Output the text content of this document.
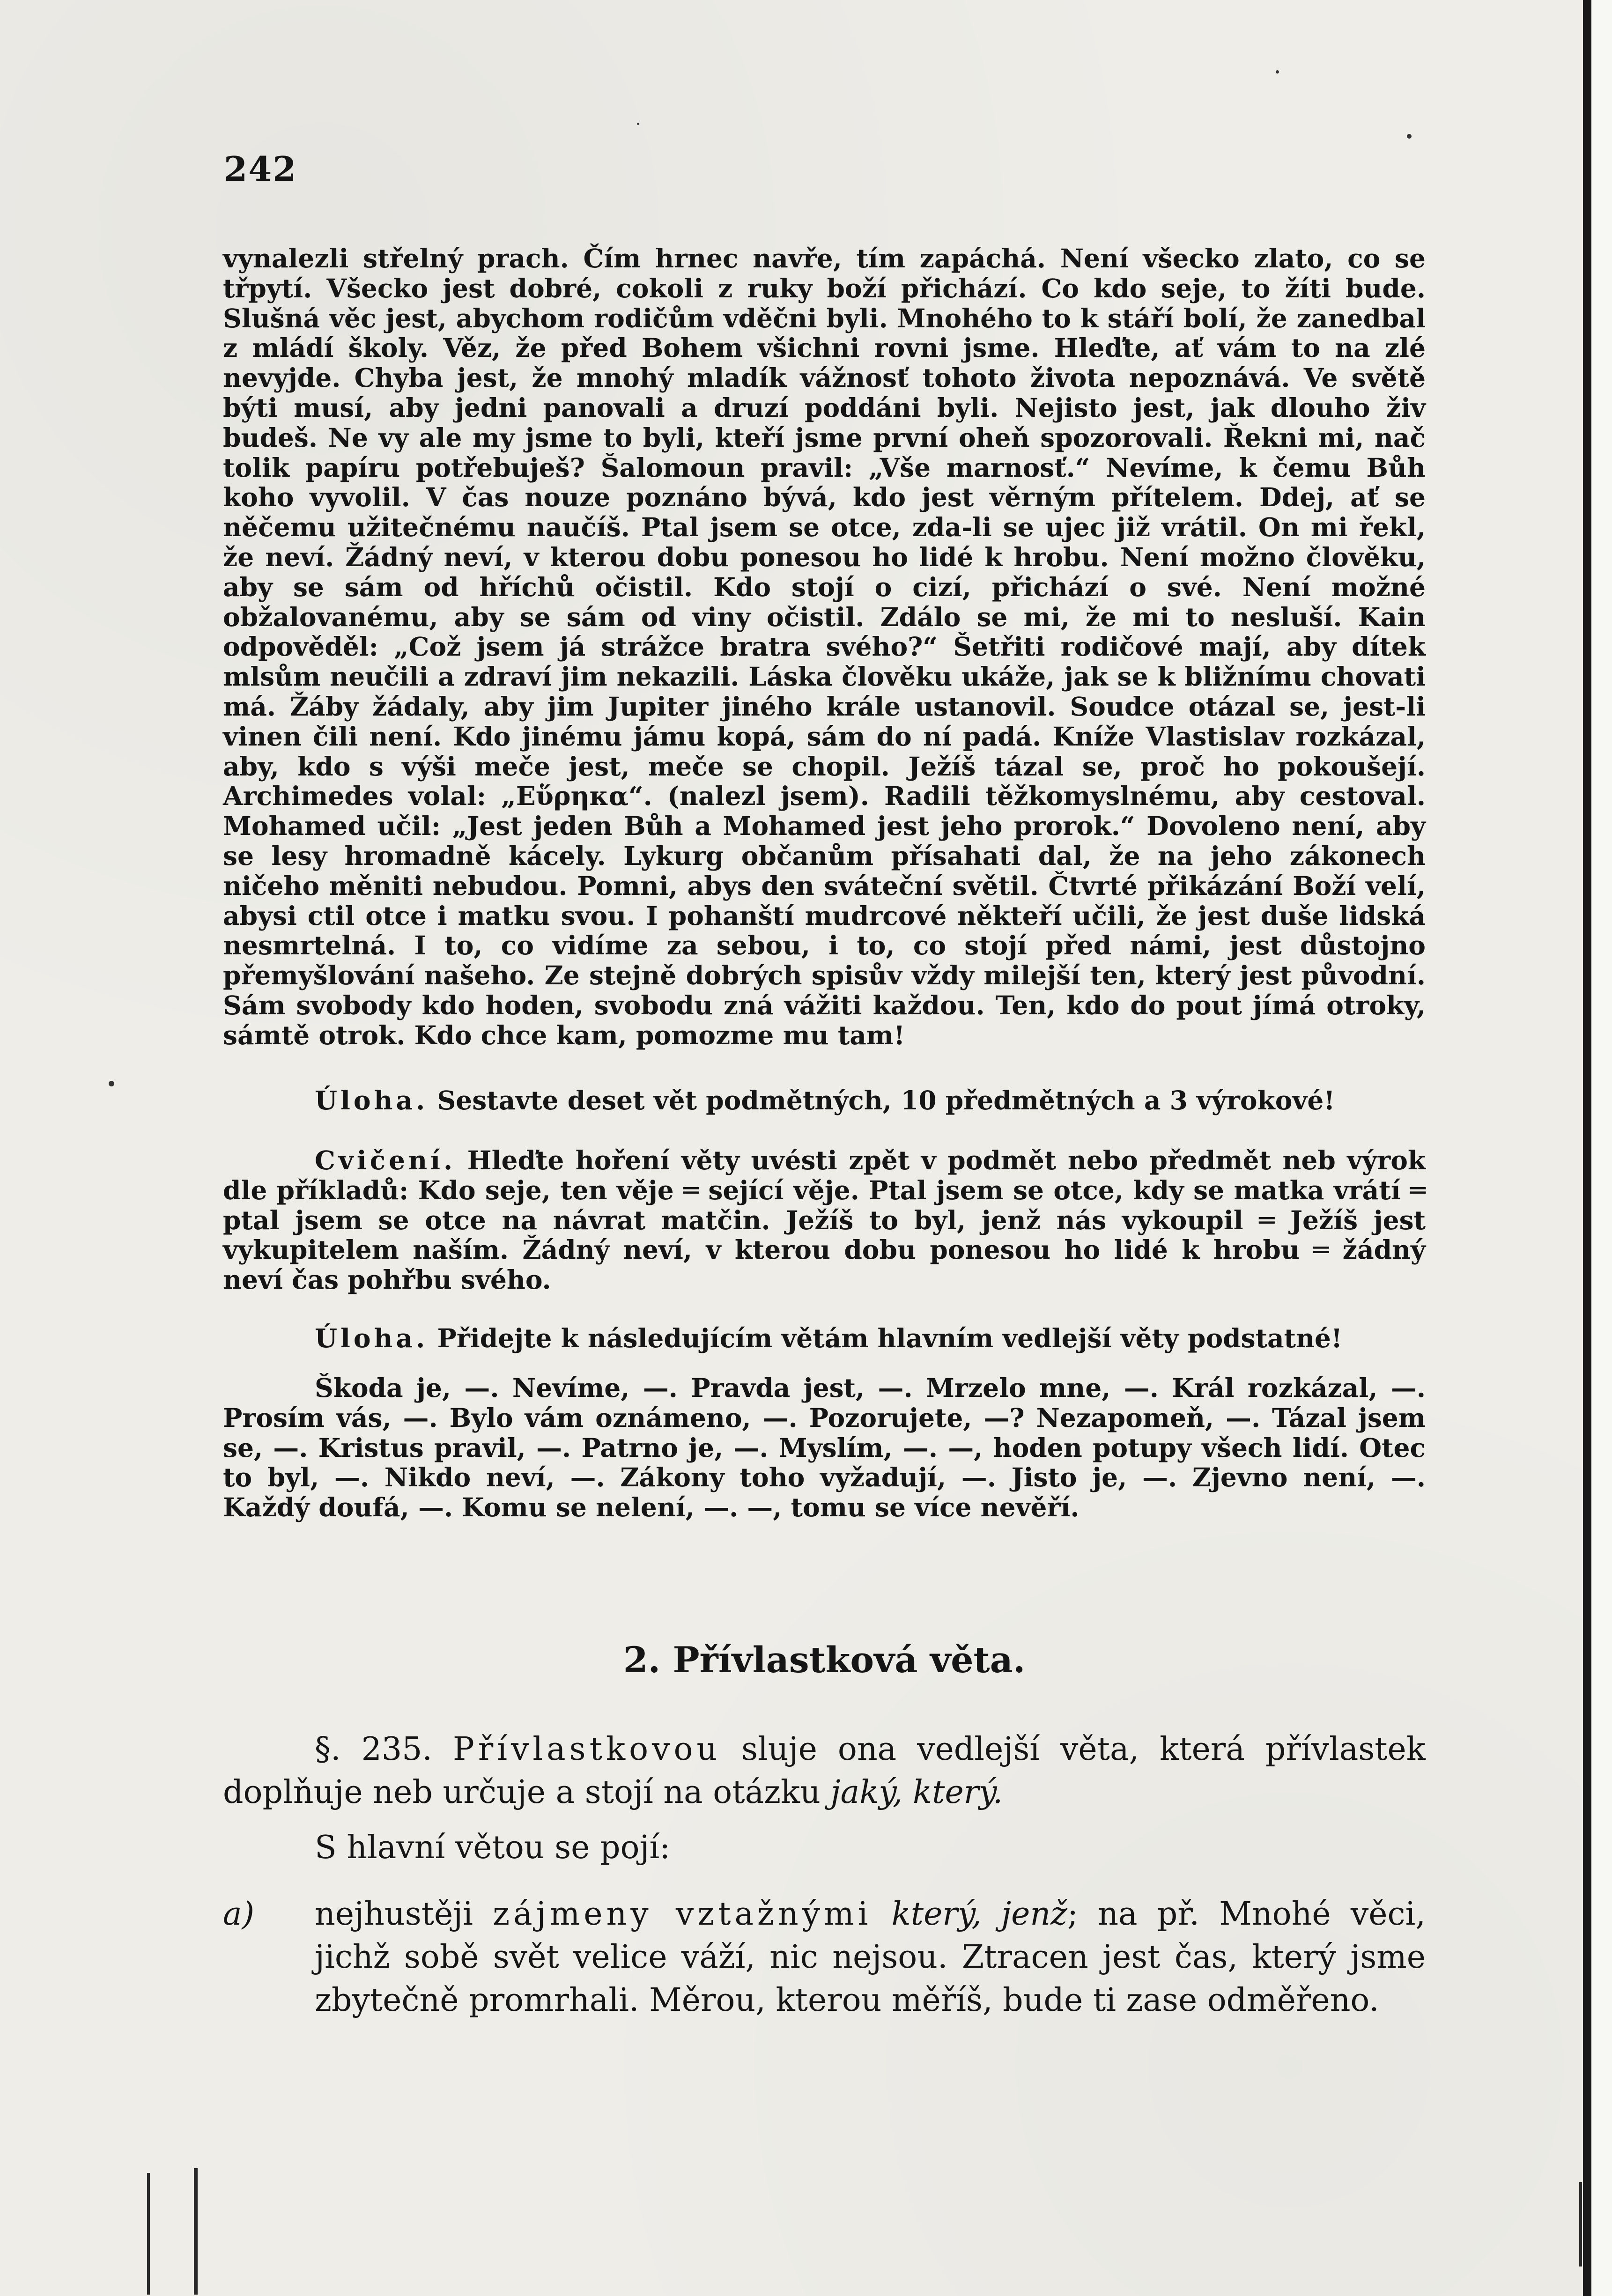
242

vynalezli střelný prach. Čím hrnec navře, tím zapáchá. Není všecko zlato, co se třpytí. Všecko jest dobré, cokoli z ruky boží přichází. Co kdo seje, to žíti bude. Slušná věc jest, abychom rodičům vděčni byli. Mnohého to k stáří bolí, že zanedbal z mládí školy. Věz, že před Bohem všichni rovni jsme. Hleďte, ať vám to na zlé nevyjde. Chyba jest, že mnohý mladík vážnosť tohoto života nepoznává. Ve světě býti musí, aby jedni panovali a druzí poddáni byli. Nejisto jest, jak dlouho živ budeš. Ne vy ale my jsme to byli, kteří jsme první oheň spozorovali. Řekni mi, nač tolik papíru potřebuješ? Šalomoun pravil: „Vše marnosť.“ Nevíme, k čemu Bůh koho vyvolil. V čas nouze poznáno bývá, kdo jest věrným přítelem. Ddej, ať se něčemu užitečnému naučíš. Ptal jsem se otce, zda-li se ujec již vrátil. On mi řekl, že neví. Žádný neví, v kterou dobu ponesou ho lidé k hrobu. Není možno člověku, aby se sám od hříchů očistil. Kdo stojí o cizí, přichází o své. Není možné obžalovanému, aby se sám od viny očistil. Zdálo se mi, že mi to nesluší. Kain odpověděl: „Což jsem já strážce bratra svého?“ Šetřiti rodičové mají, aby dítek mlsům neučili a zdraví jim nekazili. Láska člověku ukáže, jak se k bližnímu chovati má. Žáby žádaly, aby jim Jupiter jiného krále ustanovil. Soudce otázal se, jest-li vinen čili není. Kdo jinému jámu kopá, sám do ní padá. Kníže Vlastislav rozkázal, aby, kdo s výši meče jest, meče se chopil. Ježíš tázal se, proč ho pokoušejí. Archimedes volal: „Εὕρηκα“. (nalezl jsem). Radili těžkomyslnému, aby cestoval. Mohamed učil: „Jest jeden Bůh a Mohamed jest jeho prorok.“ Dovoleno není, aby se lesy hromadně kácely. Lykurg občanům přísahati dal, že na jeho zákonech ničeho měniti nebudou. Pomni, abys den sváteční světil. Čtvrté přikázání Boží velí, abysi ctil otce i matku svou. I pohanští mudrcové někteří učili, že jest duše lidská nesmrtelná. I to, co vidíme za sebou, i to, co stojí před námi, jest důstojno přemyšlování našeho. Ze stejně dobrých spisův vždy milejší ten, který jest původní. Sám svobody kdo hoden, svobodu zná vážiti každou. Ten, kdo do pout jímá otroky, sámtě otrok. Kdo chce kam, pomozme mu tam!

Úloha. Sestavte deset vět podmětných, 10 předmětných a 3 výrokové!

Cvičení. Hleďte hoření věty uvésti zpět v podmět nebo předmět neb výrok dle příkladů: Kdo seje, ten věje ═ sející věje. Ptal jsem se otce, kdy se matka vrátí ═ ptal jsem se otce na návrat matčin. Ježíš to byl, jenž nás vykoupil ═ Ježíš jest vykupitelem naším. Žádný neví, v kterou dobu ponesou ho lidé k hrobu ═ žádný neví čas pohřbu svého.

Úloha. Přidejte k následujícím větám hlavním vedlejší věty podstatné!

Škoda je, —. Nevíme, —. Pravda jest, —. Mrzelo mne, —. Král rozkázal, —. Prosím vás, —. Bylo vám oznámeno, —. Pozorujete, —? Nezapomeň, —. Tázal jsem se, —. Kristus pravil, —. Patrno je, —. Myslím, —. —, hoden potupy všech lidí. Otec to byl, —. Nikdo neví, —. Zákony toho vyžadují, —. Jisto je, —. Zjevno není, —. Každý doufá, —. Komu se nelení, —. —, tomu se více nevěří.

2. Přívlastková věta.

§. 235. Přívlastkovou sluje ona vedlejší věta, která přívlastek doplňuje neb určuje a stojí na otázku jaký, který.

S hlavní větou se pojí:

a)	nejhustěji zájmeny vztažnými který, jenž; na př. Mnohé věci, jichž sobě svět velice váží, nic nejsou. Ztracen jest čas, který jsme zbytečně promrhali. Měrou, kterou měříš, bude ti zase odměřeno.
